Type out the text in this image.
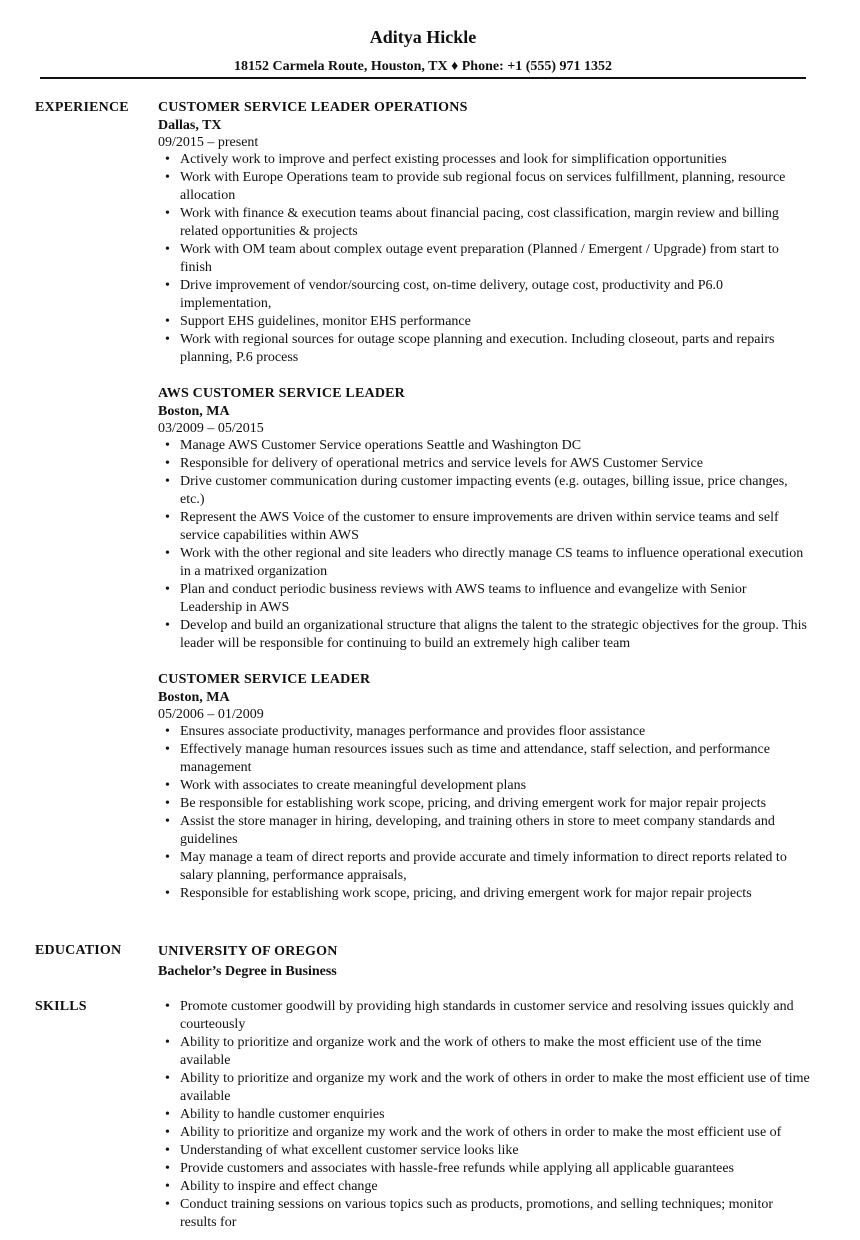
Aditya Hickle
18152 Carmela Route, Houston, TX ♦ Phone: +1 (555) 971 1352
EXPERIENCE CUSTOMER SERVICE LEADER OPERATIONS
Dallas, TX
09/2015 – present
• Actively work to improve and perfect existing processes and look for simplification opportunities
• Work with Europe Operations team to provide sub regional focus on services fulfillment, planning, resource allocation
• Work with finance & execution teams about financial pacing, cost classification, margin review and billing related opportunities & projects
• Work with OM team about complex outage event preparation (Planned / Emergent / Upgrade) from start to finish
• Drive improvement of vendor/sourcing cost, on-time delivery, outage cost, productivity and P6.0 implementation,
• Support EHS guidelines, monitor EHS performance
• Work with regional sources for outage scope planning and execution. Including closeout, parts and repairs planning, P.6 process
AWS CUSTOMER SERVICE LEADER
Boston, MA
03/2009 – 05/2015
• Manage AWS Customer Service operations Seattle and Washington DC
• Responsible for delivery of operational metrics and service levels for AWS Customer Service
• Drive customer communication during customer impacting events (e.g. outages, billing issue, price changes, etc.)
• Represent the AWS Voice of the customer to ensure improvements are driven within service teams and self service capabilities within AWS
• Work with the other regional and site leaders who directly manage CS teams to influence operational execution in a matrixed organization
• Plan and conduct periodic business reviews with AWS teams to influence and evangelize with Senior Leadership in AWS
• Develop and build an organizational structure that aligns the talent to the strategic objectives for the group. This leader will be responsible for continuing to build an extremely high caliber team
CUSTOMER SERVICE LEADER
Boston, MA
05/2006 – 01/2009
• Ensures associate productivity, manages performance and provides floor assistance
• Effectively manage human resources issues such as time and attendance, staff selection, and performance management
• Work with associates to create meaningful development plans
• Be responsible for establishing work scope, pricing, and driving emergent work for major repair projects
• Assist the store manager in hiring, developing, and training others in store to meet company standards and guidelines
• May manage a team of direct reports and provide accurate and timely information to direct reports related to salary planning, performance appraisals,
• Responsible for establishing work scope, pricing, and driving emergent work for major repair projects
EDUCATION	UNIVERSITY OF OREGON
Bachelor’s Degree in Business
SKILLS
•	Promote customer goodwill by providing high standards in customer service and resolving issues quickly and courteously
• Ability to prioritize and organize work and the work of others to make the most efficient use of the time available
• Ability to prioritize and organize my work and the work of others in order to make the most efficient use of time available
• Ability to handle customer enquiries
• Ability to prioritize and organize my work and the work of others in order to make the most efficient use of
• Understanding of what excellent customer service looks like
• Provide customers and associates with hassle-free refunds while applying all applicable guarantees
• Ability to inspire and effect change
• Conduct training sessions on various topics such as products, promotions, and selling techniques; monitor results for
